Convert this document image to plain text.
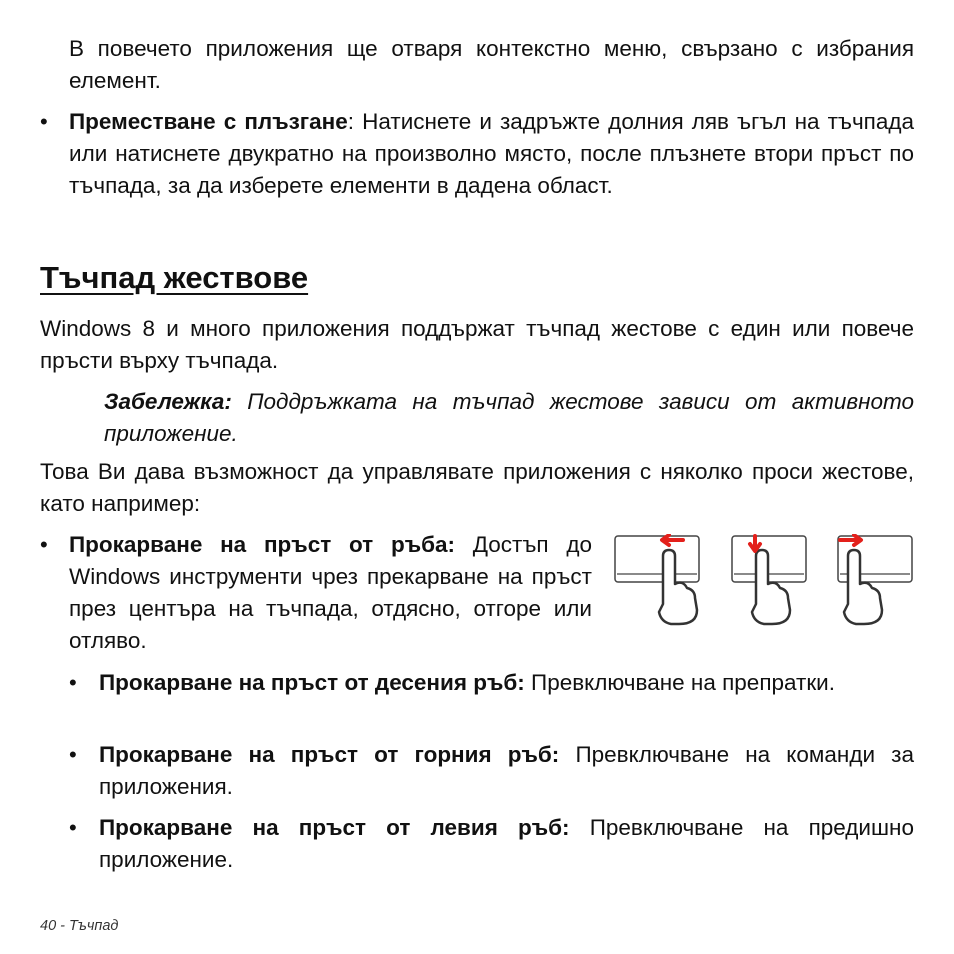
В повечето приложения ще отваря контекстно меню, свързано с избрания елемент.

• Преместване с плъзгане: Натиснете и задръжте долния ляв ъгъл на тъчпада или натиснете двукратно на произволно място, после плъзнете втори пръст по тъчпада, за да изберете елементи в дадена област.

Тъчпад жествове

Windows 8 и много приложения поддържат тъчпад жестове с един или повече пръсти върху тъчпада.

Забележка: Поддръжката на тъчпад жестове зависи от активното приложение.

Това Ви дава възможност да управлявате приложения с няколко проси жестове, като например:

• Прокарване на пръст от ръба: Достъп до Windows инструменти чрез прекарване на пръст през центъра на тъчпада, отдясно, отгоре или отляво.

• Прокарване на пръст от десения ръб: Превключване на препратки.

• Прокарване на пръст от горния ръб: Превключване на команди за приложения.

• Прокарване на пръст от левия ръб: Превключване на предишно приложение.

40 - Тъчпад
